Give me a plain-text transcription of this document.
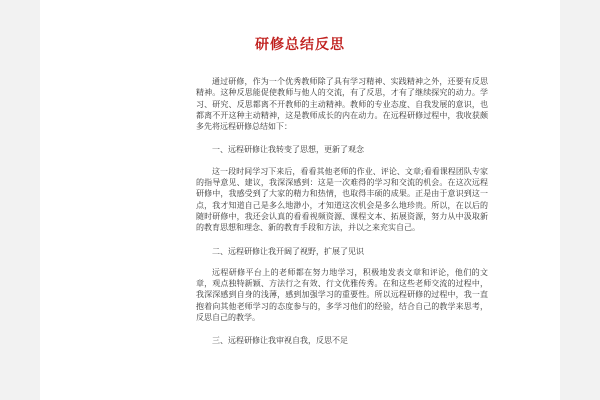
研修总结反思

通过研修，作为一个优秀教师除了具有学习精神、实践精神之外，还要有反思精神。这种反思能促使教师与他人的交流，有了反思，才有了继续探究的动力。学习、研究、反思都离不开教师的主动精神。教师的专业态度、自我发展的意识，也都离不开这种主动精神，这是教师成长的内在动力。在远程研修过程中，我收获颇多先将远程研修总结如下：

一、远程研修让我转变了思想，更新了观念

这一段时间学习下来后，看看其他老师的作业、评论、文章;看看课程团队专家的指导意见、建议，我深深感到：这是一次难得的学习和交流的机会。在这次远程研修中，我感受到了大家的精力和热情，也取得丰硕的成果。正是由于意识到这一点，我才知道自己是多么地渺小，才知道这次机会是多么地珍贵。所以，在以后的随时研修中，我还会认真的看看视频资源、课程文本、拓展资源，努力从中汲取新的教育思想和理念、新的教育手段和方法，并以之来充实自己。

二、远程研修让我开阔了视野，扩展了见识

远程研修平台上的老师都在努力地学习，积极地发表文章和评论，他们的文章，观点独特新颖、方法行之有效、行文优雅传秀。在和这些老师交流的过程中，我深深感到自身的浅薄，感到加强学习的重要性。所以远程研修的过程中，我一直抱着向其他老师学习的态度参与的，多学习他们的经验，结合自己的教学来思考，反思自己的教学。

三、远程研修让我审视自我，反思不足
